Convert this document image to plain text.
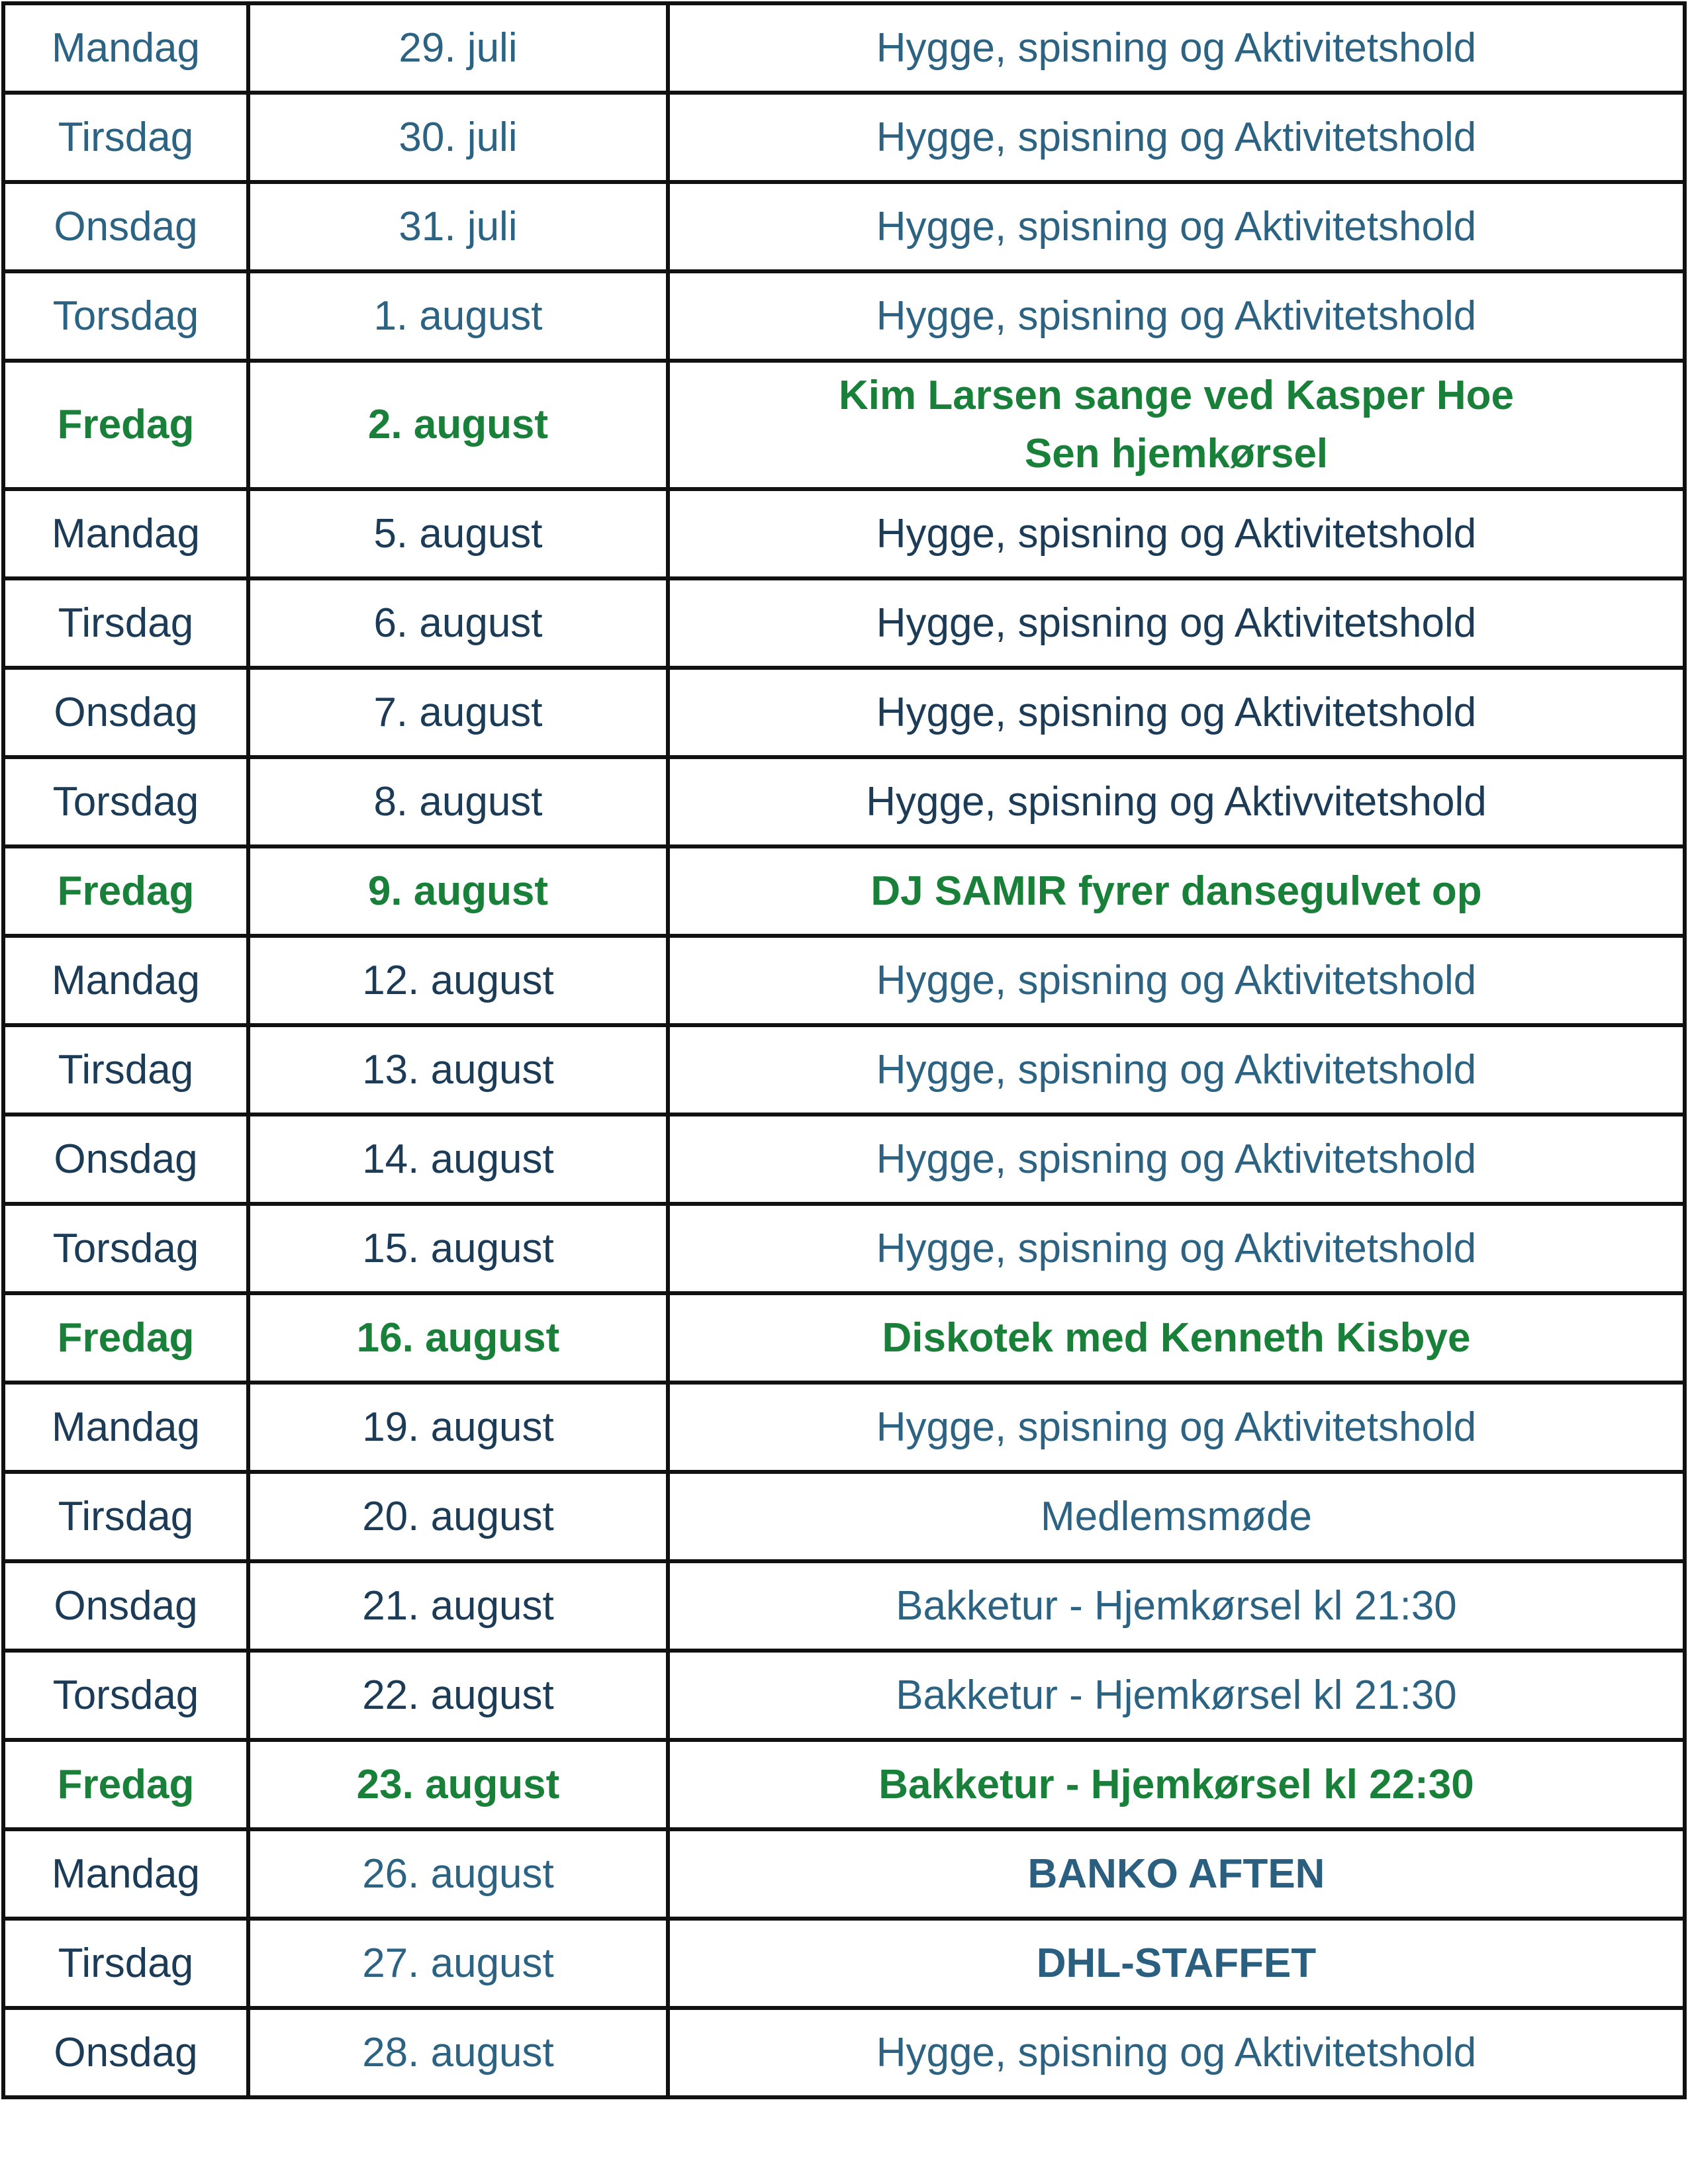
Mandag	29. juli	Hygge, spisning og Aktivitetshold

Tirsdag	30. juli	Hygge, spisning og Aktivitetshold

Onsdag	31. juli	Hygge, spisning og Aktivitetshold

Torsdag	1. august	Hygge, spisning og Aktivitetshold

Fredag	2. august	Kim Larsen sange ved Kasper Hoe
Sen hjemkørsel

Mandag	5. august	Hygge, spisning og Aktivitetshold

Tirsdag	6. august	Hygge, spisning og Aktivitetshold

Onsdag	7. august	Hygge, spisning og Aktivitetshold

Torsdag	8. august	Hygge, spisning og Aktivvitetshold

Fredag	9. august	DJ SAMIR fyrer dansegulvet op

Mandag	12. august	Hygge, spisning og Aktivitetshold

Tirsdag	13. august	Hygge, spisning og Aktivitetshold

Onsdag	14. august	Hygge, spisning og Aktivitetshold

Torsdag	15. august	Hygge, spisning og Aktivitetshold

Fredag	16. august	Diskotek med Kenneth Kisbye

Mandag	19. august	Hygge, spisning og Aktivitetshold

Tirsdag	20. august	Medlemsmøde

Onsdag	21. august	Bakketur - Hjemkørsel kl 21:30

Torsdag	22. august	Bakketur - Hjemkørsel kl 21:30

Fredag	23. august	Bakketur - Hjemkørsel kl 22:30

Mandag	26. august	BANKO AFTEN

Tirsdag	27. august	DHL-STAFFET

Onsdag	28. august	Hygge, spisning og Aktivitetshold
